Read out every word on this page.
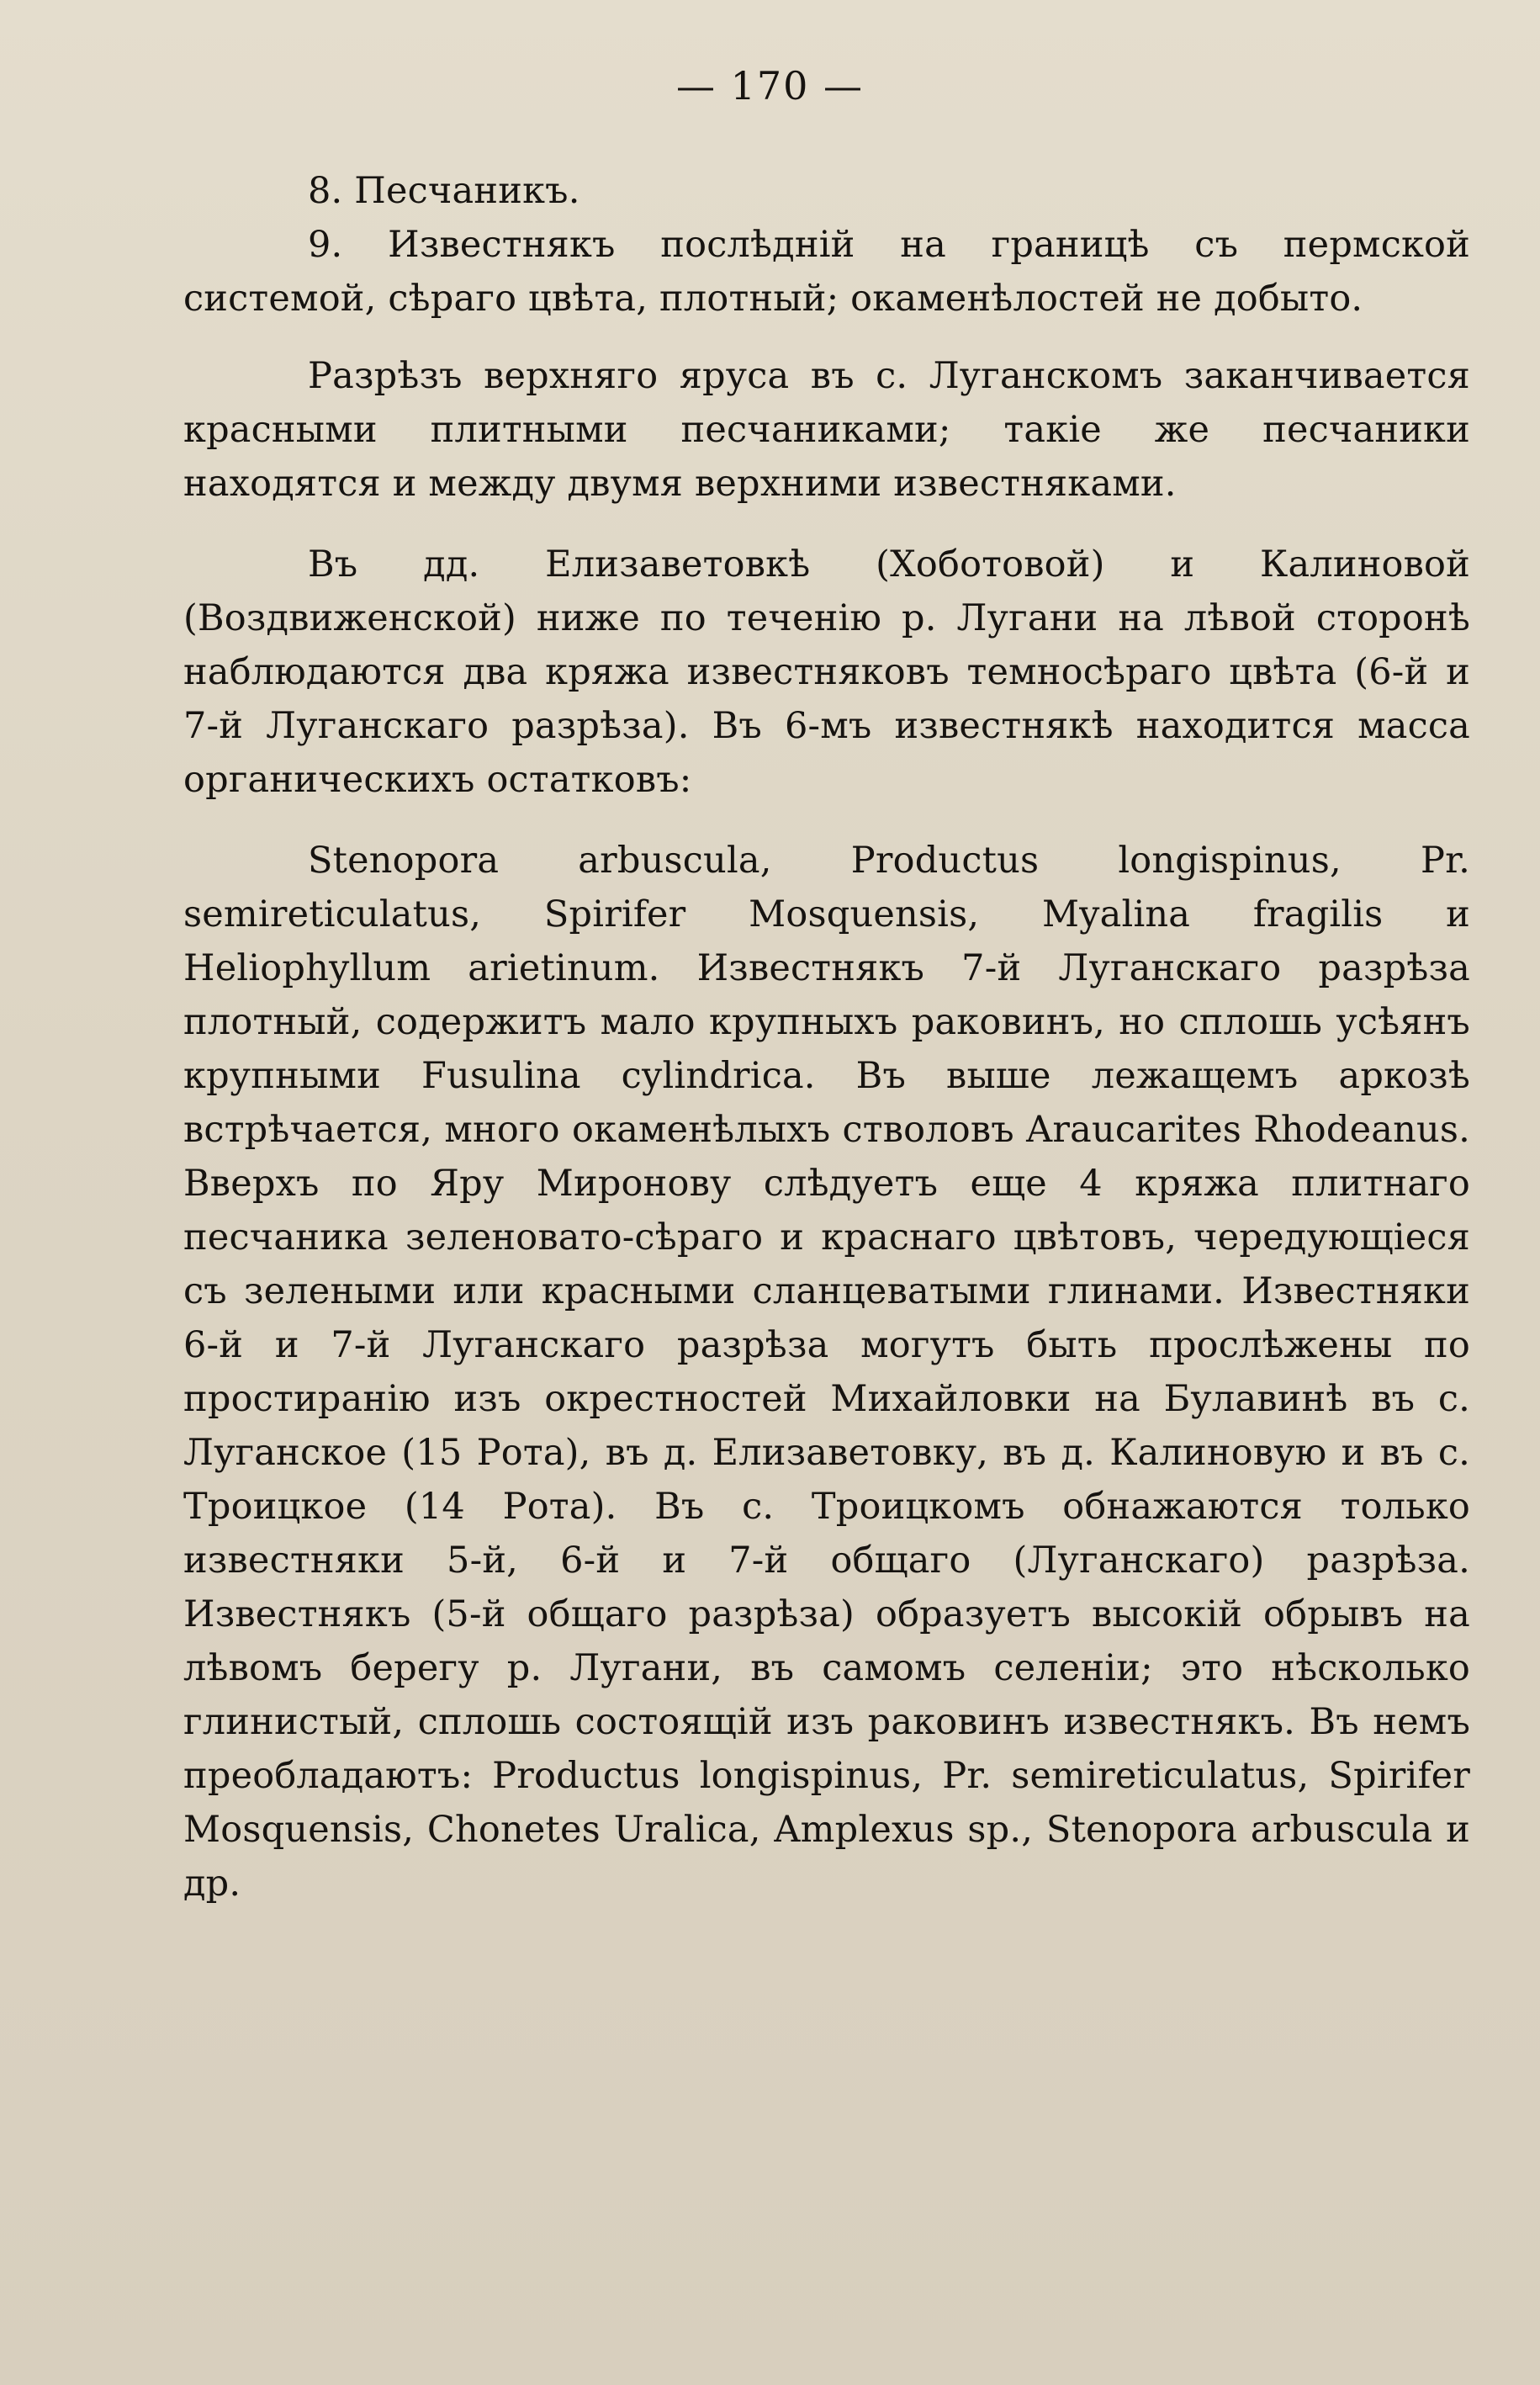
— 170 —

8. Песчаникъ.

9. Известнякъ послѣдній на границѣ съ пермской системой, сѣраго цвѣта, плотный; окаменѣлостей не добыто.

Разрѣзъ верхняго яруса въ с. Луганскомъ заканчивается красными плитными песчаниками; такіе же песчаники находятся и между двумя верхними известняками.

Въ дд. Елизаветовкѣ (Хоботовой) и Калиновой (Воздвиженской) ниже по теченію р. Лугани на лѣвой сторонѣ наблюдаются два кряжа известняковъ темносѣраго цвѣта (6-й и 7-й Луганскаго разрѣза). Въ 6-мъ известнякѣ находится масса органическихъ остатковъ:

Stenopora arbuscula, Productus longispinus, Pr. semireticulatus, Spirifer Mosquensis, Myalina fragilis и Heliophyllum arietinum. Известнякъ 7-й Луганскаго разрѣза плотный, содержитъ мало крупныхъ раковинъ, но сплошь усѣянъ крупными Fusulina cylindrica. Въ выше лежащемъ аркозѣ встрѣчается, много окаменѣлыхъ стволовъ Araucarites Rhodeanus. Вверхъ по Яру Миронову слѣдуетъ еще 4 кряжа плитнаго песчаника зеленовато-сѣраго и краснаго цвѣтовъ, чередующіеся съ зелеными или красными сланцеватыми глинами. Известняки 6-й и 7-й Луганскаго разрѣза могутъ быть прослѣжены по простиранію изъ окрестностей Михайловки на Булавинѣ въ с. Луганское (15 Рота), въ д. Елизаветовку, въ д. Калиновую и въ с. Троицкое (14 Рота). Въ с. Троицкомъ обнажаются только известняки 5-й, 6-й и 7-й общаго (Луганскаго) разрѣза. Известнякъ (5-й общаго разрѣза) образуетъ высокій обрывъ на лѣвомъ берегу р. Лугани, въ самомъ селеніи; это нѣсколько глинистый, сплошь состоящій изъ раковинъ известнякъ. Въ немъ преобладаютъ: Productus longispinus, Pr. semireticulatus, Spirifer Mosquensis, Chonetes Uralica, Amplexus sp., Stenopora arbuscula и др.
